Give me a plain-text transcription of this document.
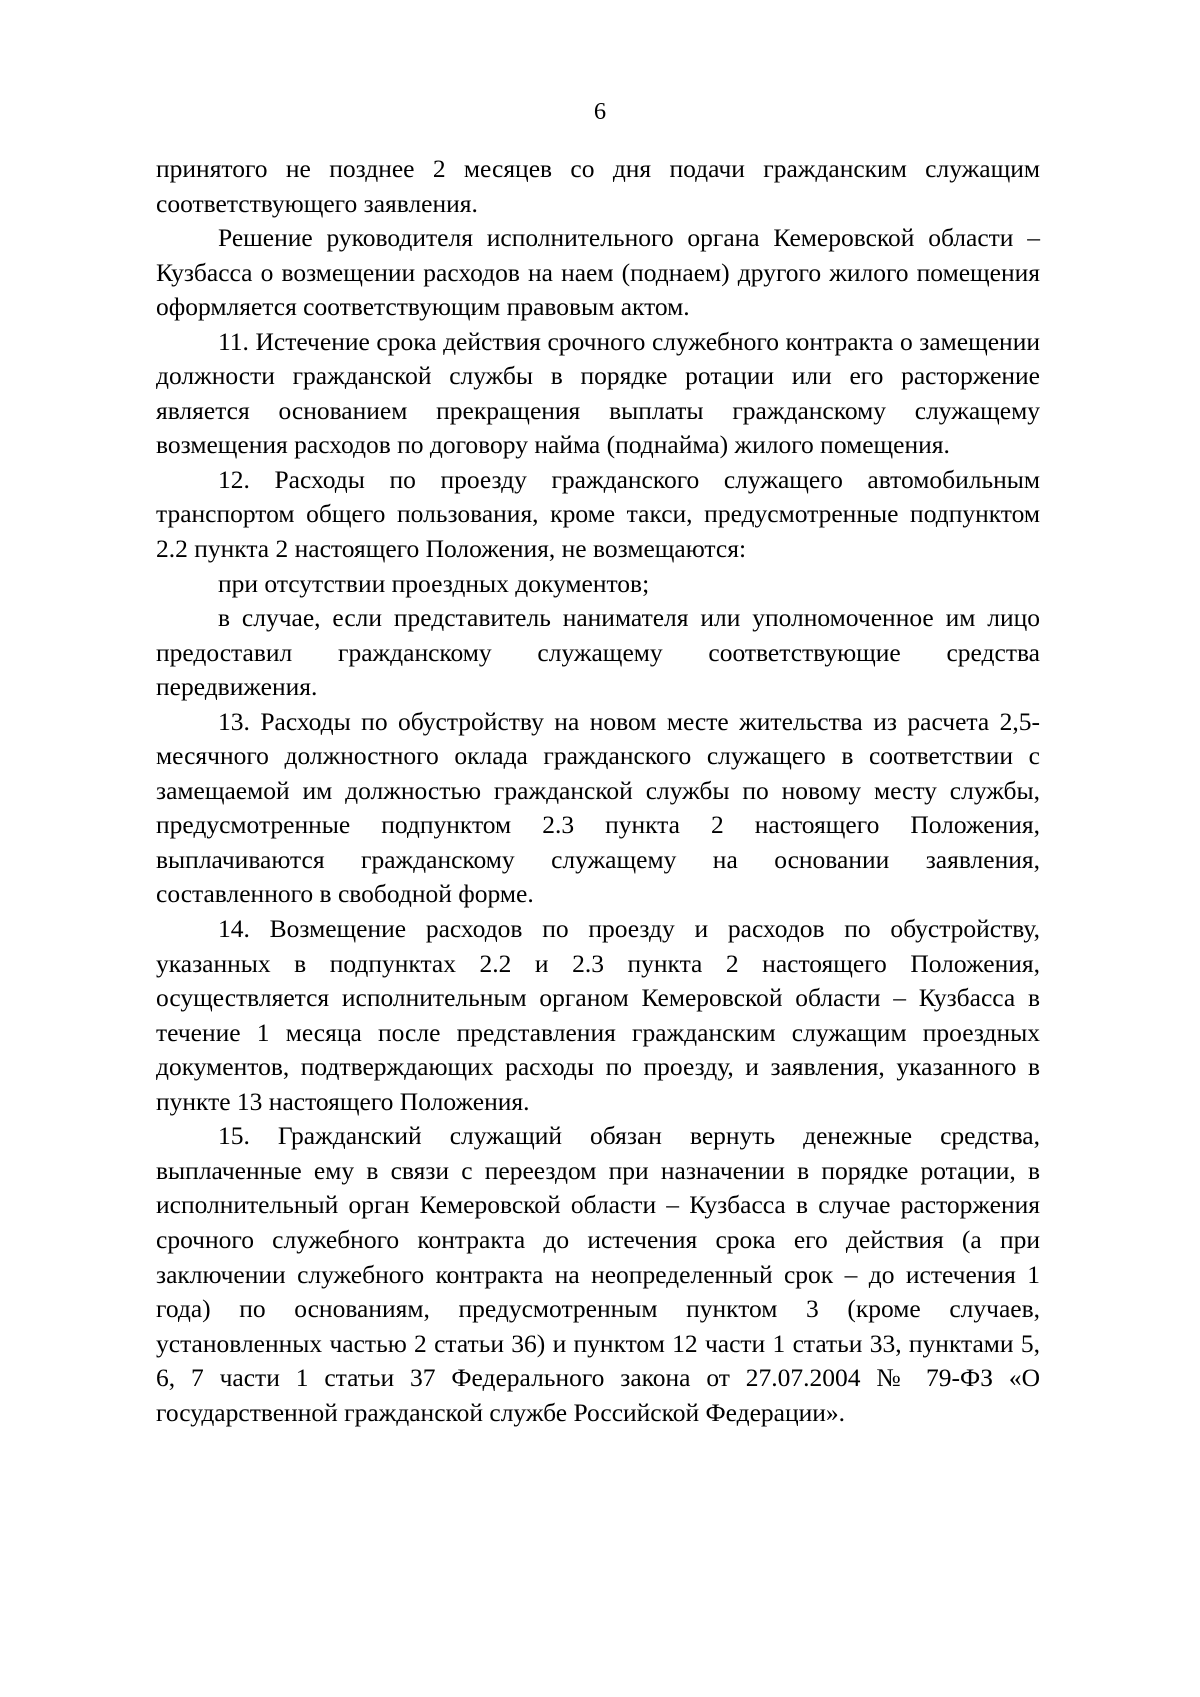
6

принятого не позднее 2 месяцев со дня подачи гражданским служащим соответствующего заявления.

Решение руководителя исполнительного органа Кемеровской области – Кузбасса о возмещении расходов на наем (поднаем) другого жилого помещения оформляется соответствующим правовым актом.

11. Истечение срока действия срочного служебного контракта о замещении должности гражданской службы в порядке ротации или его расторжение является основанием прекращения выплаты гражданскому служащему возмещения расходов по договору найма (поднайма) жилого помещения.

12. Расходы по проезду гражданского служащего автомобильным транспортом общего пользования, кроме такси, предусмотренные подпунктом 2.2 пункта 2 настоящего Положения, не возмещаются:

при отсутствии проездных документов;

в случае, если представитель нанимателя или уполномоченное им лицо предоставил гражданскому служащему соответствующие средства передвижения.

13. Расходы по обустройству на новом месте жительства из расчета 2,5-месячного должностного оклада гражданского служащего в соответствии с замещаемой им должностью гражданской службы по новому месту службы, предусмотренные подпунктом 2.3 пункта 2 настоящего Положения, выплачиваются гражданскому служащему на основании заявления, составленного в свободной форме.

14. Возмещение расходов по проезду и расходов по обустройству, указанных в подпунктах 2.2 и 2.3 пункта 2 настоящего Положения, осуществляется исполнительным органом Кемеровской области – Кузбасса в течение 1 месяца после представления гражданским служащим проездных документов, подтверждающих расходы по проезду, и заявления, указанного в пункте 13 настоящего Положения.

15. Гражданский служащий обязан вернуть денежные средства, выплаченные ему в связи с переездом при назначении в порядке ротации, в исполнительный орган Кемеровской области – Кузбасса в случае расторжения срочного служебного контракта до истечения срока его действия (а при заключении служебного контракта на неопределенный срок – до истечения 1 года) по основаниям, предусмотренным пунктом 3 (кроме случаев, установленных частью 2 статьи 36) и пунктом 12 части 1 статьи 33, пунктами 5, 6, 7 части 1 статьи 37 Федерального закона от 27.07.2004 № 79-ФЗ «О государственной гражданской службе Российской Федерации».
